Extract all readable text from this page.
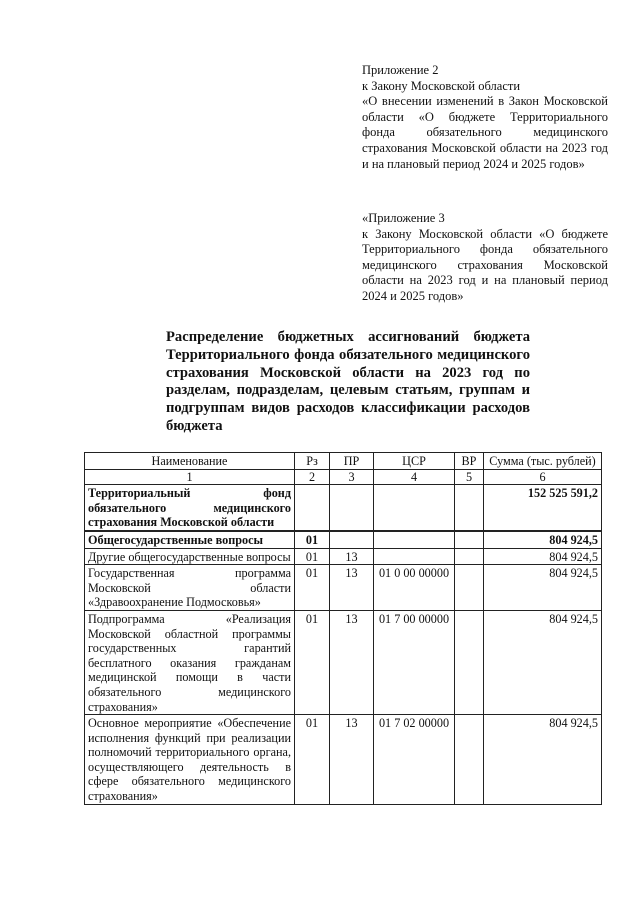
Приложение 2
к Закону Московской области
«О внесении изменений в Закон Московской области «О бюджете Территориального фонда обязательного медицинского страхования Московской области на 2023 год и на плановый период 2024 и 2025 годов»
«Приложение 3
к Закону Московской области «О бюджете Территориального фонда обязательного медицинского страхования Московской области на 2023 год и на плановый период 2024 и 2025 годов»
Распределение бюджетных ассигнований бюджета Территориального фонда обязательного медицинского страхования Московской области на 2023 год по разделам, подразделам, целевым статьям, группам и подгруппам видов расходов классификации расходов бюджета
Наименование	Рз	ПР	ЦСР	ВР	Сумма (тыс. рублей)
1	2	3	4	5	6
Территориальный фонд обязательного медицинского страхования Московской области					152 525 591,2
Общегосударственные вопросы	01				804 924,5
Другие общегосударственные вопросы	01	13			804 924,5
Государственная программа Московской области «Здравоохранение Подмосковья»	01	13	01 0 00 00000		804 924,5
Подпрограмма «Реализация Московской областной программы государственных гарантий бесплатного оказания гражданам медицинской помощи в части обязательного медицинского страхования»	01	13	01 7 00 00000		804 924,5
Основное мероприятие «Обеспечение исполнения функций при реализации полномочий территориального органа, осуществляющего деятельность в сфере обязательного медицинского страхования»	01	13	01 7 02 00000		804 924,5
